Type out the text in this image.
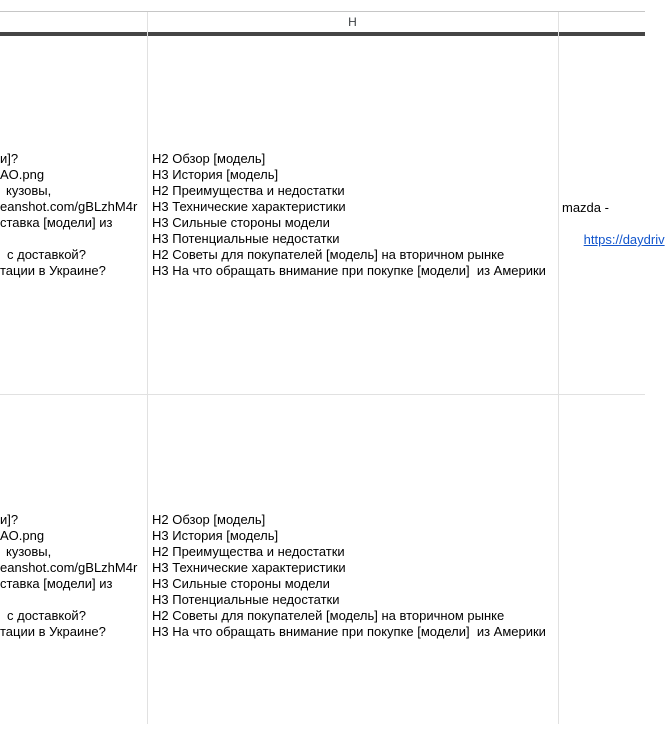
H
и]?
AO.png
кузовы,
eanshot.com/gBLzhM4r
ставка [модели] из
с доставкой?
тации в Украине?
H2 Обзор [модель]
H3 История [модель]
H2 Преимущества и недостатки
H3 Технические характеристики
H3 Сильные стороны модели
H3 Потенциальные недостатки
H2 Советы для покупателей [модель] на вторичном рынке
H3 На что обращать внимание при покупке [модели]  из Америки
mazda -

https://daydriv

и]?
AO.png
кузовы,
eanshot.com/gBLzhM4r
ставка [модели] из
с доставкой?
тации в Украине?
H2 Обзор [модель]
H3 История [модель]
H2 Преимущества и недостатки
H3 Технические характеристики
H3 Сильные стороны модели
H3 Потенциальные недостатки
H2 Советы для покупателей [модель] на вторичном рынке
H3 На что обращать внимание при покупке [модели]  из Америки
